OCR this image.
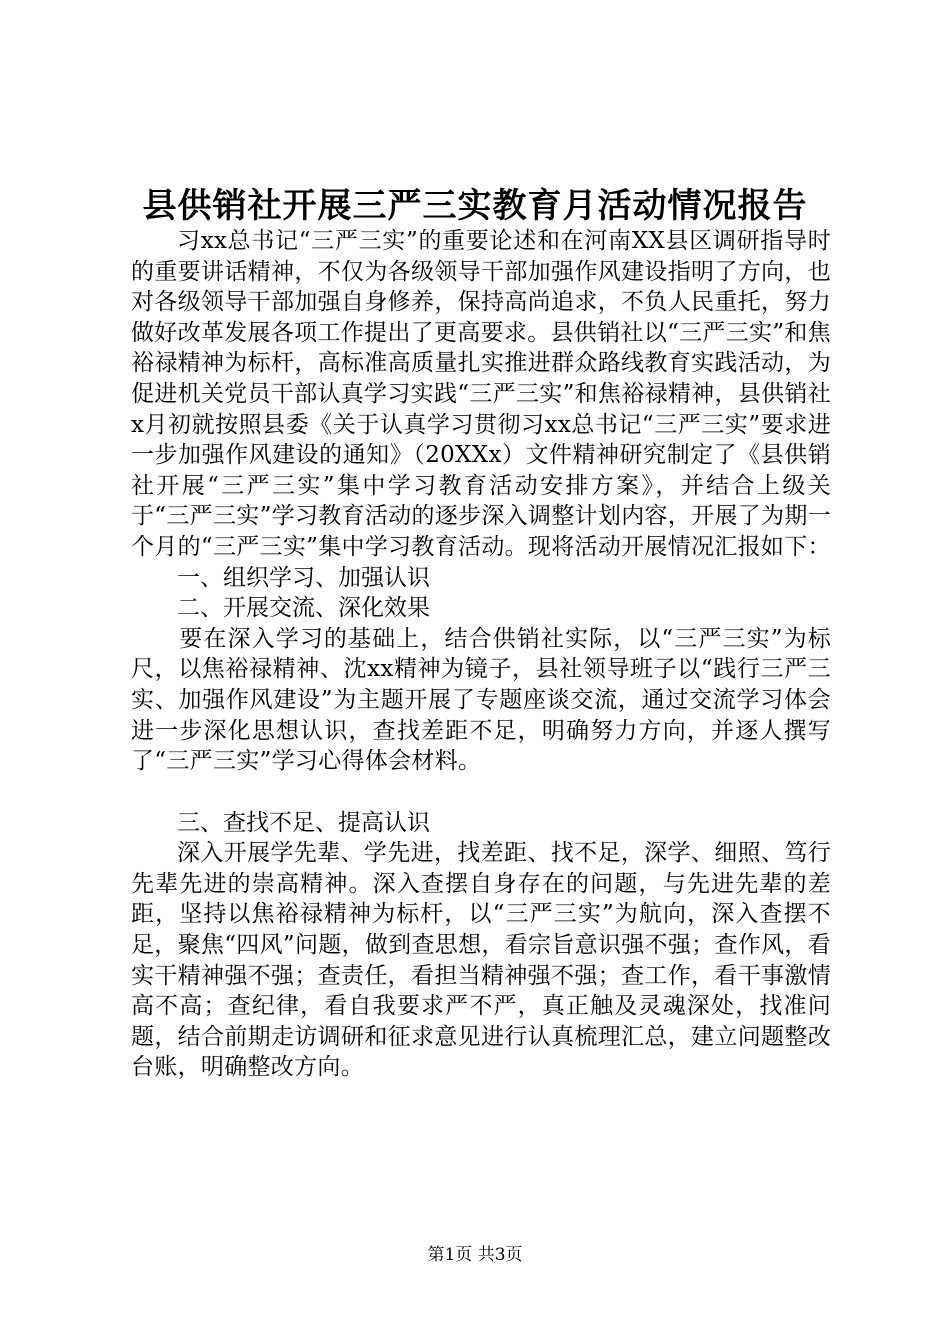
县供销社开展三严三实教育月活动情况报告

习xx总书记“三严三实”的重要论述和在河南XX县区调研指导时的重要讲话精神，不仅为各级领导干部加强作风建设指明了方向，也对各级领导干部加强自身修养，保持高尚追求，不负人民重托，努力做好改革发展各项工作提出了更高要求。县供销社以“三严三实”和焦裕禄精神为标杆，高标准高质量扎实推进群众路线教育实践活动，为促进机关党员干部认真学习实践“三严三实”和焦裕禄精神，县供销社x月初就按照县委《关于认真学习贯彻习xx总书记“三严三实”要求进一步加强作风建设的通知》（20XXx）文件精神研究制定了《县供销社开展“三严三实”集中学习教育活动安排方案》，并结合上级关于“三严三实”学习教育活动的逐步深入调整计划内容，开展了为期一个月的“三严三实”集中学习教育活动。现将活动开展情况汇报如下：

一、组织学习、加强认识

二、开展交流、深化效果

要在深入学习的基础上，结合供销社实际，以“三严三实”为标尺，以焦裕禄精神、沈xx精神为镜子，县社领导班子以“践行三严三实、加强作风建设”为主题开展了专题座谈交流，通过交流学习体会进一步深化思想认识，查找差距不足，明确努力方向，并逐人撰写了“三严三实”学习心得体会材料。

三、查找不足、提高认识

深入开展学先辈、学先进，找差距、找不足，深学、细照、笃行先辈先进的崇高精神。深入查摆自身存在的问题，与先进先辈的差距，坚持以焦裕禄精神为标杆，以“三严三实”为航向，深入查摆不足，聚焦“四风”问题，做到查思想，看宗旨意识强不强；查作风，看实干精神强不强；查责任，看担当精神强不强；查工作，看干事激情高不高；查纪律，看自我要求严不严，真正触及灵魂深处，找准问题，结合前期走访调研和征求意见进行认真梳理汇总，建立问题整改台账，明确整改方向。

第1页 共3页
